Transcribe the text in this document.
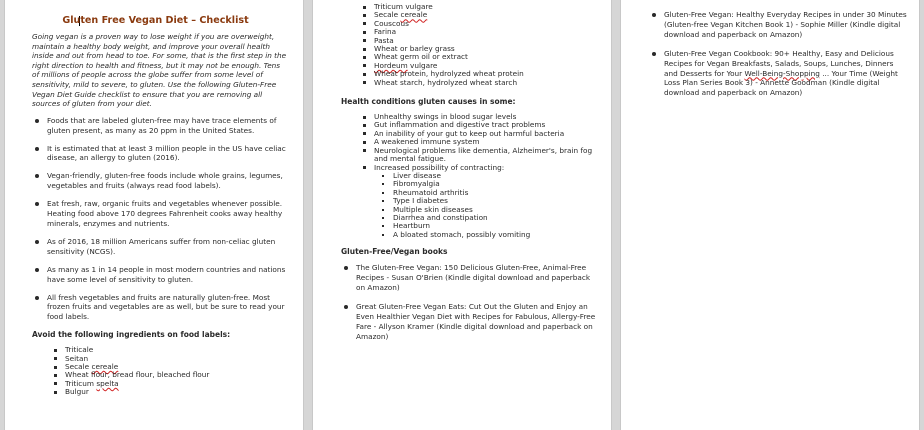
Gluten Free Vegan Diet – Checklist

Going vegan is a proven way to lose weight if you are overweight, maintain a healthy body weight, and improve your overall health inside and out from head to toe. For some, that is the first step in the right direction to health and fitness, but it may not be enough. Tens of millions of people across the globe suffer from some level of sensitivity, mild to severe, to gluten. Use the following Gluten-Free Vegan Diet Guide checklist to ensure that you are removing all sources of gluten from your diet.

Foods that are labeled gluten-free may have trace elements of gluten present, as many as 20 ppm in the United States.
It is estimated that at least 3 million people in the US have celiac disease, an allergy to gluten (2016).
Vegan-friendly, gluten-free foods include whole grains, legumes, vegetables and fruits (always read food labels).
Eat fresh, raw, organic fruits and vegetables whenever possible. Heating food above 170 degrees Fahrenheit cooks away healthy minerals, enzymes and nutrients.
As of 2016, 18 million Americans suffer from non-celiac gluten sensitivity (NCGS).
As many as 1 in 14 people in most modern countries and nations have some level of sensitivity to gluten.
All fresh vegetables and fruits are naturally gluten-free. Most frozen fruits and vegetables are as well, but be sure to read your food labels.
Avoid the following ingredients on food labels:
Triticale
Seitan
Secale cereale
Wheat flour, bread flour, bleached flour
Triticum spelta
Bulgur
Triticum vulgare
Secale cereale
Couscous
Farina
Pasta
Wheat or barley grass
Wheat germ oil or extract
Hordeum vulgare
Wheat protein, hydrolyzed wheat protein
Wheat starch, hydrolyzed wheat starch
Health conditions gluten causes in some:
Unhealthy swings in blood sugar levels
Gut inflammation and digestive tract problems
An inability of your gut to keep out harmful bacteria
A weakened immune system
Neurological problems like dementia, Alzheimer's, brain fog and mental fatigue.
Increased possibility of contracting:
Liver disease
Fibromyalgia
Rheumatoid arthritis
Type I diabetes
Multiple skin diseases
Diarrhea and constipation
Heartburn
A bloated stomach, possibly vomiting
Gluten-Free/Vegan books
The Gluten-Free Vegan: 150 Delicious Gluten-Free, Animal-Free Recipes - Susan O'Brien (Kindle digital download and paperback on Amazon)
Great Gluten-Free Vegan Eats: Cut Out the Gluten and Enjoy an Even Healthier Vegan Diet with Recipes for Fabulous, Allergy-Free Fare - Allyson Kramer (Kindle digital download and paperback on Amazon)
Gluten-Free Vegan: Healthy Everyday Recipes in under 30 Minutes (Gluten-free Vegan Kitchen Book 1) - Sophie Miller (Kindle digital download and paperback on Amazon)
Gluten-Free Vegan Cookbook: 90+ Healthy, Easy and Delicious Recipes for Vegan Breakfasts, Salads, Soups, Lunches, Dinners and Desserts for Your Well-Being-Shopping ... Your Time (Weight Loss Plan Series Book 3) - Annette Goodman (Kindle digital download and paperback on Amazon)
